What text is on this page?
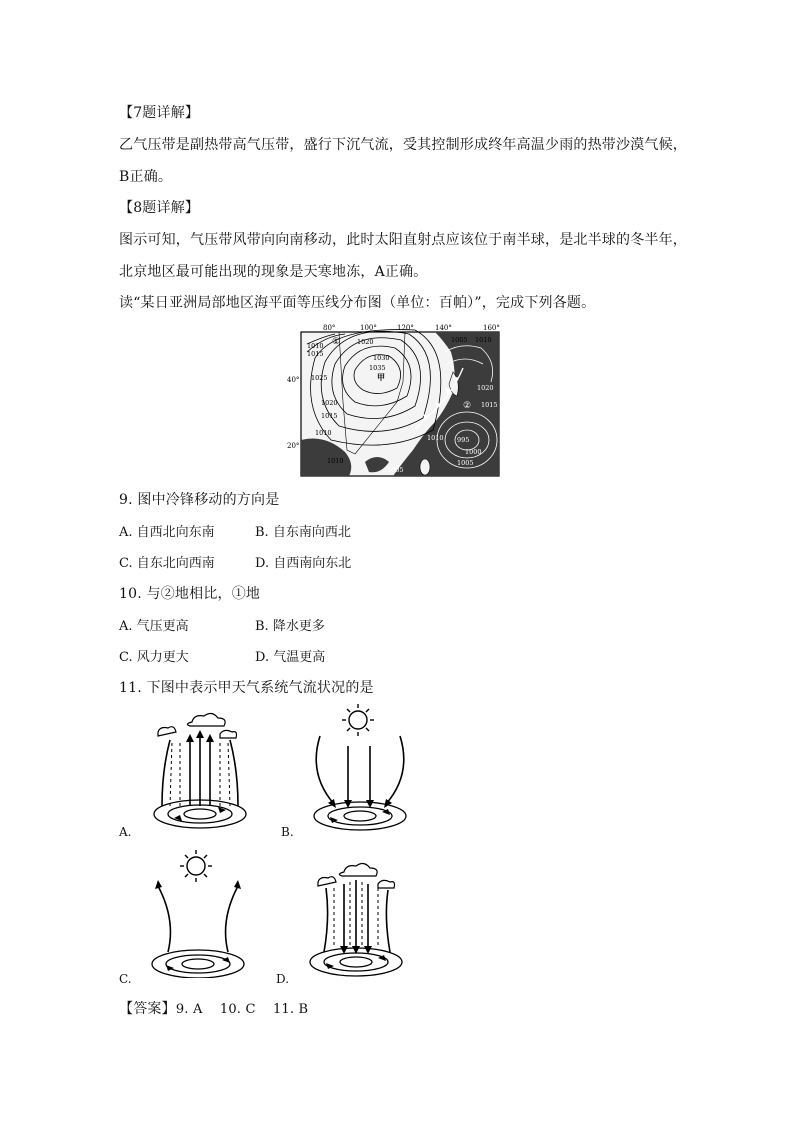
【7题详解】
乙气压带是副热带高气压带，盛行下沉气流，受其控制形成终年高温少雨的热带沙漠气候，
B正确。
【8题详解】
图示可知，气压带风带向向南移动，此时太阳直射点应该位于南半球，是北半球的冬半年，
北京地区最可能出现的现象是天寒地冻，A正确。
读“某日亚洲局部地区海平面等压线分布图（单位：百帕）”，完成下列各题。
80°	100°	120°	140°	160°
1010
1015
1020
1030
1035
1025
1020
1015
1010
1010
1005 1010
1020
1015
1010 995
1000
1005
1005
40°
20°
甲
①
②
9. 图中冷锋移动的方向是
A. 自西北向东南	B. 自东南向西北
C. 自东北向西南	D. 自西南向东北
10. 与②地相比，①地
A. 气压更高	B. 降水更多
C. 风力更大	D. 气温更高
11. 下图中表示甲天气系统气流状况的是
A.	B.
C.	D.
【答案】9. A    10. C    11. B
